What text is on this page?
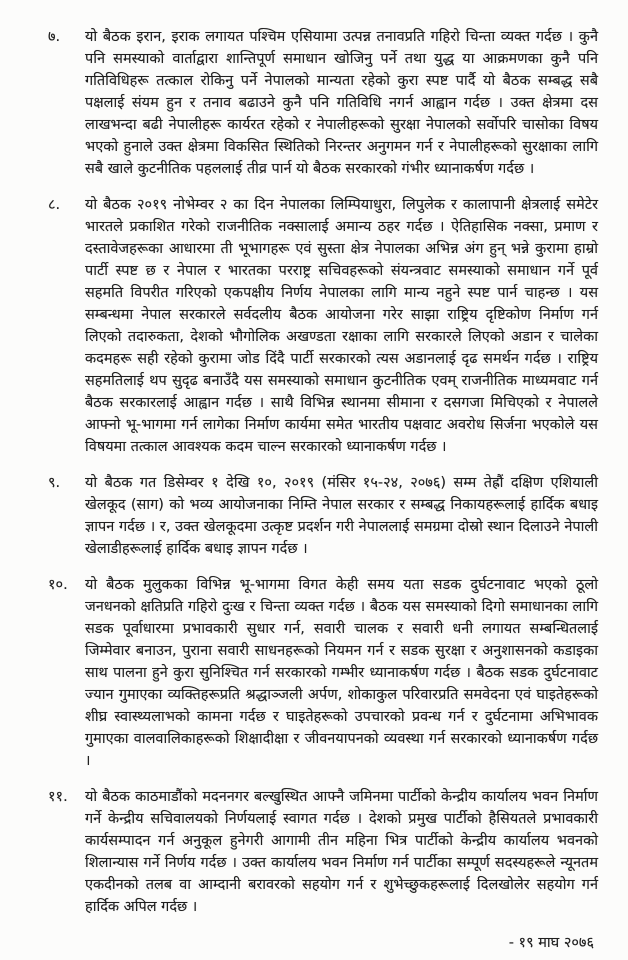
७.	यो बैठक इरान, इराक लगायत पश्चिम एसियामा उत्पन्न तनावप्रति गहिरो चिन्ता व्यक्त गर्दछ । कुनै पनि समस्याको वार्ताद्वारा शान्तिपूर्ण समाधान खोजिनु पर्ने तथा युद्ध या आक्रमणका कुनै पनि गतिविधिहरू तत्काल रोकिनु पर्ने नेपालको मान्यता रहेको कुरा स्पष्ट पार्दै यो बैठक सम्बद्ध सबै पक्षलाई संयम हुन र तनाव बढाउने कुनै पनि गतिविधि नगर्न आह्वान गर्दछ । उक्त क्षेत्रमा दस लाखभन्दा बढी नेपालीहरू कार्यरत रहेको र नेपालीहरूको सुरक्षा नेपालको सर्वोपरि चासोका विषय भएको हुनाले उक्त क्षेत्रमा विकसित स्थितिको निरन्तर अनुगमन गर्न र नेपालीहरूको सुरक्षाका लागि सबै खाले कुटनीतिक पहललाई तीव्र पार्न यो बैठक सरकारको गंभीर ध्यानाकर्षण गर्दछ ।
८.	यो बैठक २०१९ नोभेम्वर २ का दिन नेपालका लिम्पियाधुरा, लिपुलेक र कालापानी क्षेत्रलाई समेटेर भारतले प्रकाशित गरेको राजनीतिक नक्सालाई अमान्य ठहर गर्दछ । ऐतिहासिक नक्सा, प्रमाण र दस्तावेजहरूका आधारमा ती भूभागहरू एवं सुस्ता क्षेत्र नेपालका अभिन्न अंग हुन् भन्ने कुरामा हाम्रो पार्टी स्पष्ट छ र नेपाल र भारतका परराष्ट्र सचिवहरूको संयन्त्रवाट समस्याको समाधान गर्ने पूर्व सहमति विपरीत गरिएको एकपक्षीय निर्णय नेपालका लागि मान्य नहुने स्पष्ट पार्न चाहन्छ । यस सम्बन्धमा नेपाल सरकारले सर्वदलीय बैठक आयोजना गरेर साझा राष्ट्रिय दृष्टिकोण निर्माण गर्न लिएको तदारुकता, देशको भौगोलिक अखण्डता रक्षाका लागि सरकारले लिएको अडान र चालेका कदमहरू सही रहेको कुरामा जोड दिंदै पार्टी सरकारको त्यस अडानलाई दृढ समर्थन गर्दछ । राष्ट्रिय सहमतिलाई थप सुदृढ बनाउँदै यस समस्याको समाधान कुटनीतिक एवम् राजनीतिक माध्यमवाट गर्न बैठक सरकारलाई आह्वान गर्दछ । साथै विभिन्न स्थानमा सीमाना र दसगजा मिचिएको र नेपालले आफ्नो भू-भागमा गर्न लागेका निर्माण कार्यमा समेत भारतीय पक्षवाट अवरोध सिर्जना भएकोले यस विषयमा तत्काल आवश्यक कदम चाल्न सरकारको ध्यानाकर्षण गर्दछ ।
९.	यो बैठक गत डिसेम्वर १ देखि १०, २०१९ (मंसिर १५-२४, २०७६) सम्म तेह्रौं दक्षिण एशियाली खेलकूद (साग) को भव्य आयोजनाका निम्ति नेपाल सरकार र सम्बद्ध निकायहरूलाई हार्दिक बधाइ ज्ञापन गर्दछ । र, उक्त खेलकूदमा उत्कृष्ट प्रदर्शन गरी नेपाललाई समग्रमा दोस्रो स्थान दिलाउने नेपाली खेलाडीहरूलाई हार्दिक बधाइ ज्ञापन गर्दछ ।
१०.	यो बैठक मुलुकका विभिन्न भू-भागमा विगत केही समय यता सडक दुर्घटनावाट भएको ठूलो जनधनको क्षतिप्रति गहिरो दुःख र चिन्ता व्यक्त गर्दछ । बैठक यस समस्याको दिगो समाधानका लागि सडक पूर्वाधारमा प्रभावकारी सुधार गर्न, सवारी चालक र सवारी धनी लगायत सम्बन्धितलाई जिम्मेवार बनाउन, पुराना सवारी साधनहरूको नियमन गर्न र सडक सुरक्षा र अनुशासनको कडाइका साथ पालना हुने कुरा सुनिश्चित गर्न सरकारको गम्भीर ध्यानाकर्षण गर्दछ । बैठक सडक दुर्घटनावाट ज्यान गुमाएका व्यक्तिहरूप्रति श्रद्धाञ्जली अर्पण, शोकाकुल परिवारप्रति समवेदना एवं घाइतेहरूको शीघ्र स्वास्थ्यलाभको कामना गर्दछ र घाइतेहरूको उपचारको प्रवन्ध गर्न र दुर्घटनामा अभिभावक गुमाएका वालवालिकाहरूको शिक्षादीक्षा र जीवनयापनको व्यवस्था गर्न सरकारको ध्यानाकर्षण गर्दछ ।
११.	यो बैठक काठमाडौंको मदननगर बल्खुस्थित आफ्नै जमिनमा पार्टीको केन्द्रीय कार्यालय भवन निर्माण गर्ने केन्द्रीय सचिवालयको निर्णयलाई स्वागत गर्दछ । देशको प्रमुख पार्टीको हैसियतले प्रभावकारी कार्यसम्पादन गर्न अनुकूल हुनेगरी आगामी तीन महिना भित्र पार्टीको केन्द्रीय कार्यालय भवनको शिलान्यास गर्ने निर्णय गर्दछ । उक्त कार्यालय भवन निर्माण गर्न पार्टीका सम्पूर्ण सदस्यहरूले न्यूनतम एकदीनको तलब वा आम्दानी बरावरको सहयोग गर्न र शुभेच्छुकहरूलाई दिलखोलेर सहयोग गर्न हार्दिक अपिल गर्दछ ।
- १९ माघ २०७६
